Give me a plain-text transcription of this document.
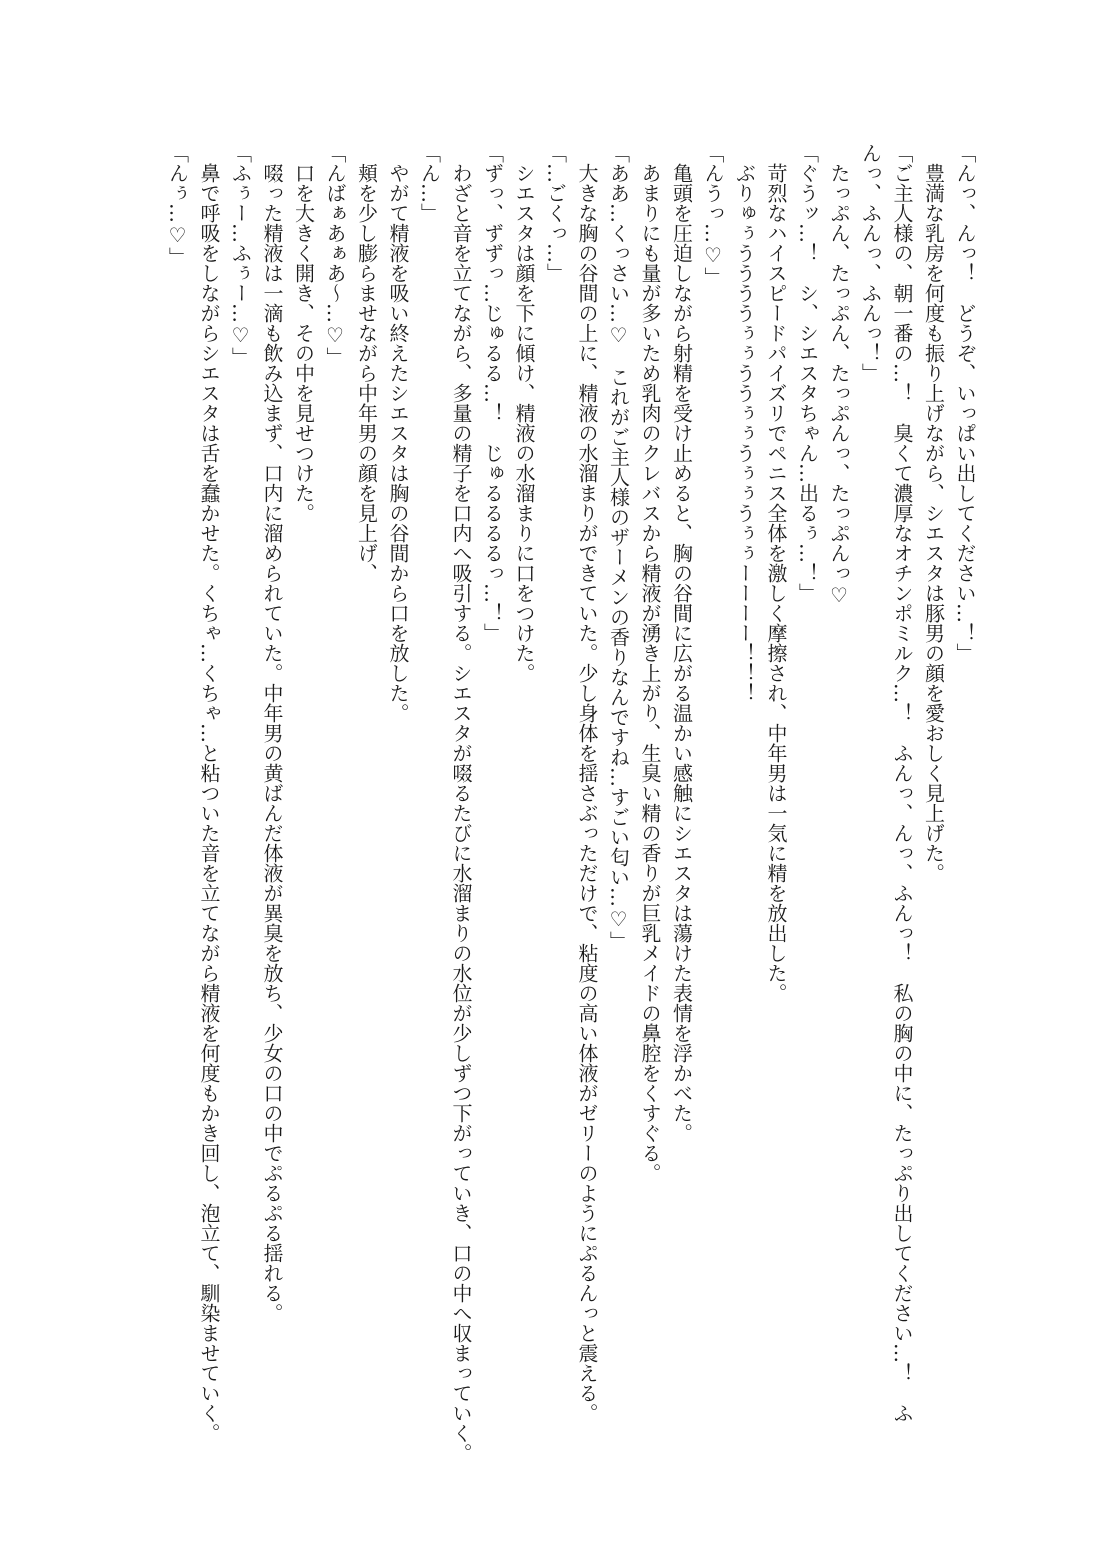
「んっ、んっ！　どうぞ、いっぱい出してください…！」

　豊満な乳房を何度も振り上げながら、シエスタは豚男の顔を愛おしく見上げた。

「ご主人様の、朝一番の…！　臭くて濃厚なオチンポミルク…！　ふんっ、んっ、ふんっ！　私の胸の中に、たっぷり出してください…！　ふ

んっ、ふんっ、ふんっ！」

　たっぷん、たっぷん、たっぷんっ、たっぷんっ♡

「ぐうッ…！　シ、シエスタちゃん…出るぅ…！」

　苛烈なハイスピードパイズリでペニス全体を激しく摩擦され、中年男は一気に精を放出した。

　ぶりゅぅううううぅぅううぅぅうぅぅうぅぅーーーー！！！

「んうっ…♡」

　亀頭を圧迫しながら射精を受け止めると、胸の谷間に広がる温かい感触にシエスタは蕩けた表情を浮かべた。

　あまりにも量が多いため乳肉のクレバスから精液が湧き上がり、生臭い精の香りが巨乳メイドの鼻腔をくすぐる。

「ああ…くっさい…♡　これがご主人様のザーメンの香りなんですね…すごい匂い…♡」

　大きな胸の谷間の上に、精液の水溜まりができていた。少し身体を揺さぶっただけで、粘度の高い体液がゼリーのようにぷるんっと震える。

「…ごくっ…」

　シエスタは顔を下に傾け、精液の水溜まりに口をつけた。

「ずっ、ずずっ…じゅるる…！　じゅるるるるっ…！」

　わざと音を立てながら、多量の精子を口内へ吸引する。シエスタが啜るたびに水溜まりの水位が少しずつ下がっていき、口の中へ収まっていく。

「ん…」

　やがて精液を吸い終えたシエスタは胸の谷間から口を放した。

　頬を少し膨らませながら中年男の顔を見上げ、

「んばぁあぁあ～…♡」

　口を大きく開き、その中を見せつけた。

　啜った精液は一滴も飲み込まず、口内に溜められていた。中年男の黄ばんだ体液が異臭を放ち、少女の口の中でぷるぷる揺れる。

「ふぅー…ふぅー…♡」

　鼻で呼吸をしながらシエスタは舌を蠢かせた。くちゃ…くちゃ…と粘ついた音を立てながら精液を何度もかき回し、泡立て、馴染ませていく。

「んぅ…♡」
